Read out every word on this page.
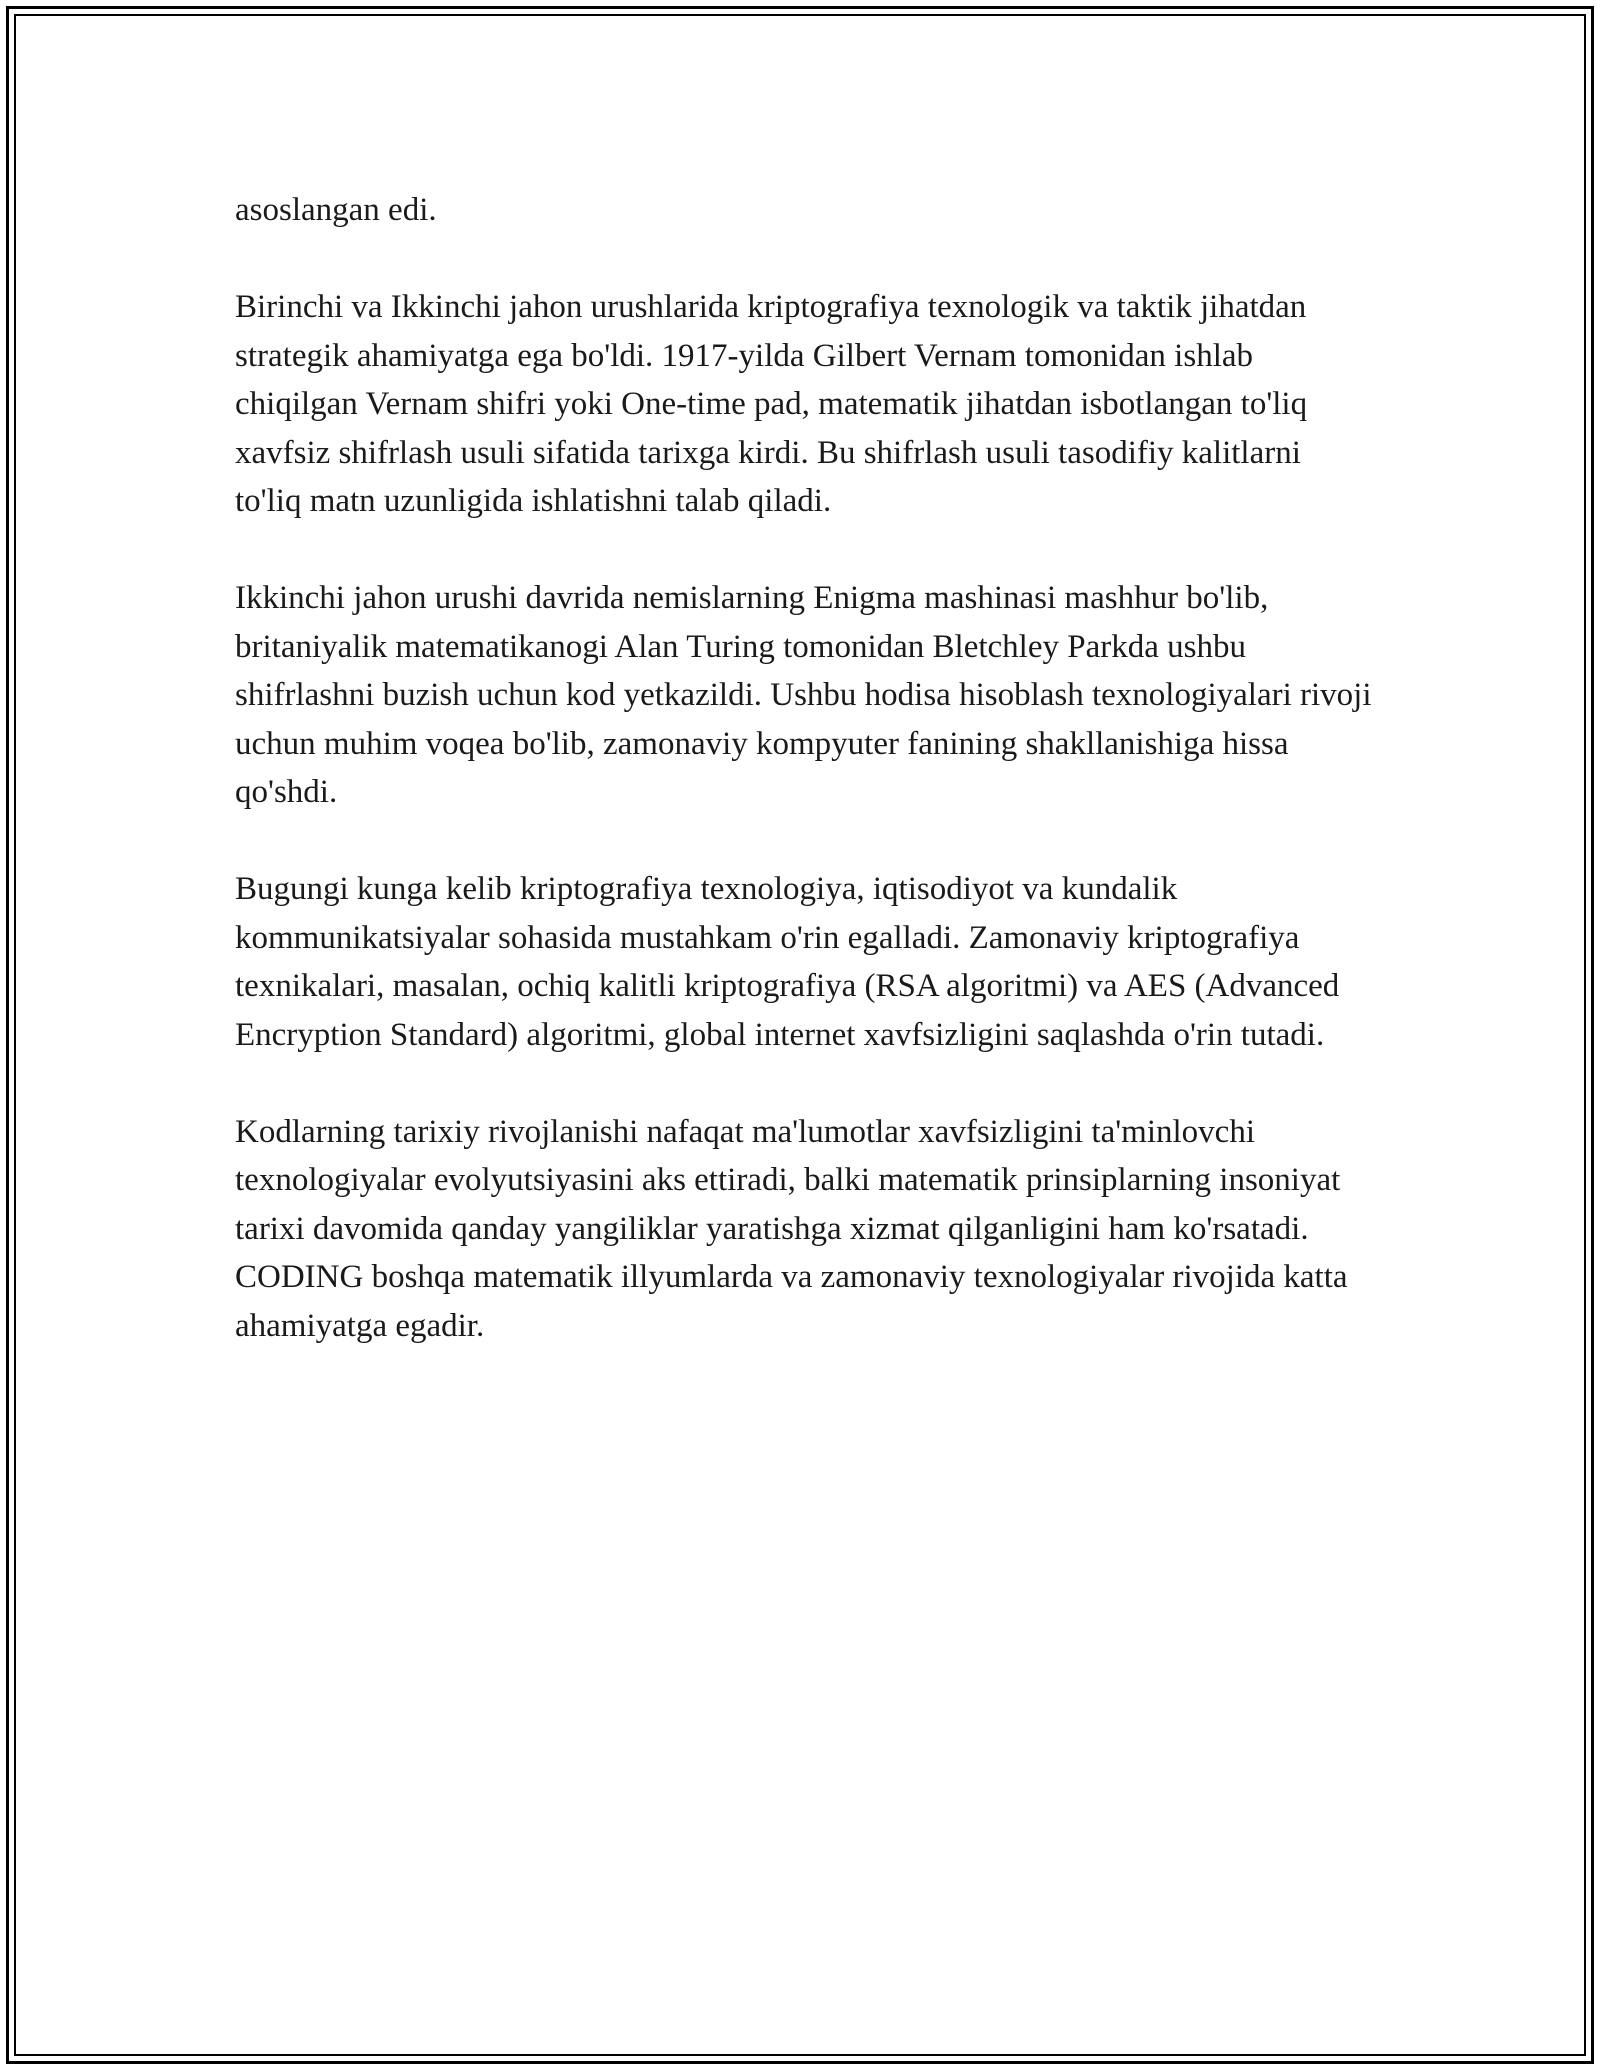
asoslangan edi.

Birinchi va Ikkinchi jahon urushlarida kriptografiya texnologik va taktik jihatdan strategik ahamiyatga ega bo'ldi. 1917-yilda Gilbert Vernam tomonidan ishlab chiqilgan Vernam shifri yoki One-time pad, matematik jihatdan isbotlangan to'liq xavfsiz shifrlash usuli sifatida tarixga kirdi. Bu shifrlash usuli tasodifiy kalitlarni to'liq matn uzunligida ishlatishni talab qiladi.

Ikkinchi jahon urushi davrida nemislarning Enigma mashinasi mashhur bo'lib, britaniyalik matematikanogi Alan Turing tomonidan Bletchley Parkda ushbu shifrlashni buzish uchun kod yetkazildi. Ushbu hodisa hisoblash texnologiyalari rivoji uchun muhim voqea bo'lib, zamonaviy kompyuter fanining shakllanishiga hissa qo'shdi.

Bugungi kunga kelib kriptografiya texnologiya, iqtisodiyot va kundalik kommunikatsiyalar sohasida mustahkam o'rin egalladi. Zamonaviy kriptografiya texnikalari, masalan, ochiq kalitli kriptografiya (RSA algoritmi) va AES (Advanced Encryption Standard) algoritmi, global internet xavfsizligini saqlashda o'rin tutadi.

Kodlarning tarixiy rivojlanishi nafaqat ma'lumotlar xavfsizligini ta'minlovchi texnologiyalar evolyutsiyasini aks ettiradi, balki matematik prinsiplarning insoniyat tarixi davomida qanday yangiliklar yaratishga xizmat qilganligini ham ko'rsatadi. CODING boshqa matematik illyumlarda va zamonaviy texnologiyalar rivojida katta ahamiyatga egadir.
